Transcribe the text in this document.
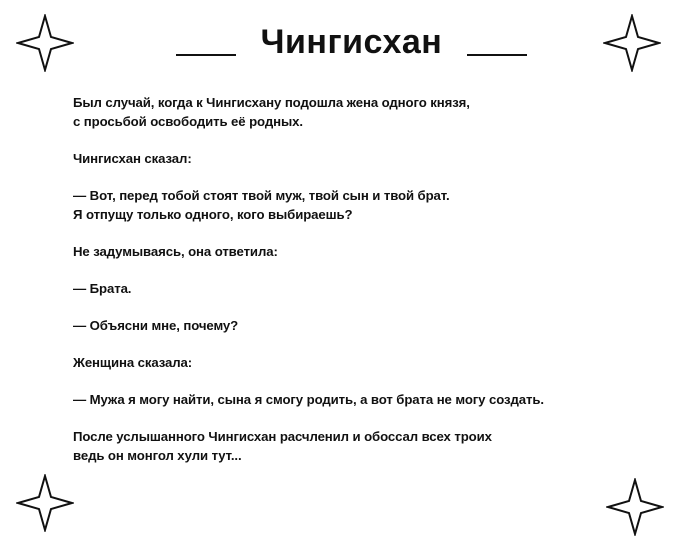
Чингисхан

Был случай, когда к Чингисхану подошла жена одного князя,
с просьбой освободить её родных.

Чингисхан сказал:

— Вот, перед тобой стоят твой муж, твой сын и твой брат.
Я отпущу только одного, кого выбираешь?

Не задумываясь, она ответила:

— Брата.

— Объясни мне, почему?

Женщина сказала:

— Мужа я могу найти, сына я смогу родить, а вот брата не могу создать.

После услышанного Чингисхан расчленил и обоссал всех троих
ведь он монгол хули тут...
